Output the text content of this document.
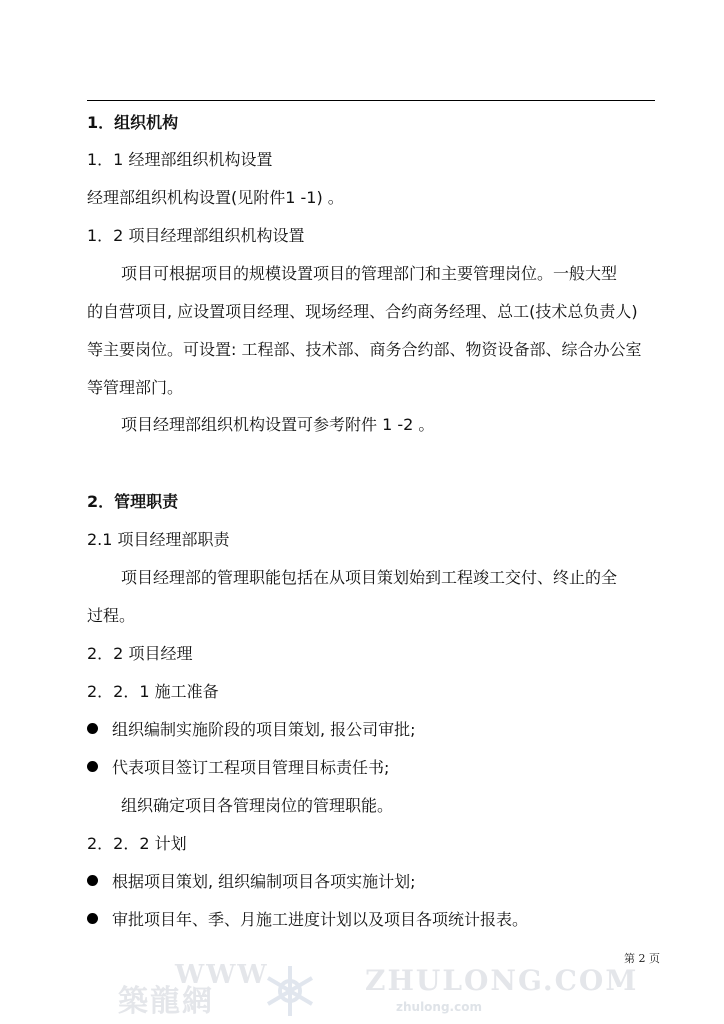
1．组织机构
1．1 经理部组织机构设置
经理部组织机构设置(见附件1 -1) 。
1．2 项目经理部组织机构设置
项目可根据项目的规模设置项目的管理部门和主要管理岗位。一般大型
的自营项目, 应设置项目经理、现场经理、合约商务经理、总工(技术总负责人)
等主要岗位。可设置: 工程部、技术部、商务合约部、物资设备部、综合办公室
等管理部门。
项目经理部组织机构设置可参考附件 1 -2 。
2．管理职责
2.1 项目经理部职责
项目经理部的管理职能包括在从项目策划始到工程竣工交付、终止的全
过程。
2．2 项目经理
2．2．1 施工准备
组织编制实施阶段的项目策划, 报公司审批;
代表项目签订工程项目管理目标责任书;
组织确定项目各管理岗位的管理职能。
2．2．2 计划
根据项目策划, 组织编制项目各项实施计划;
审批项目年、季、月施工进度计划以及项目各项统计报表。
第 2 页
築龍網
WWW	ZHULONG.COM
zhulong.com
